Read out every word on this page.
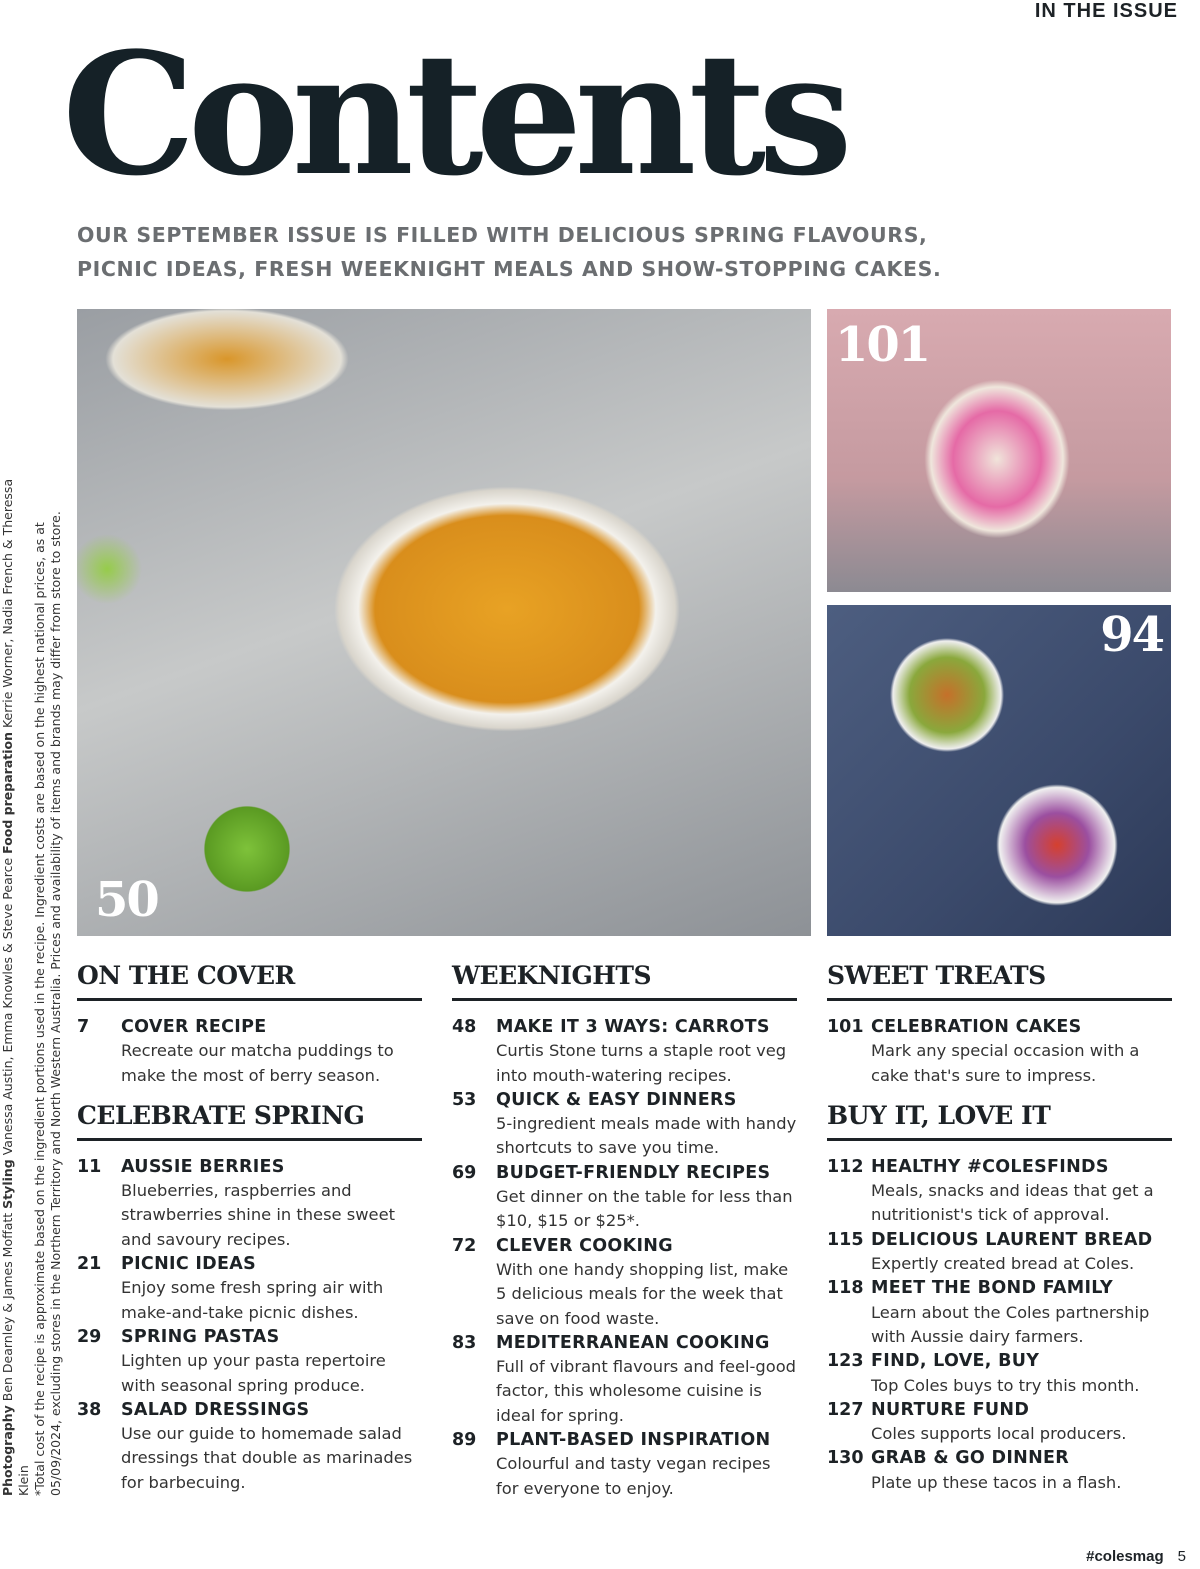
IN THE ISSUE
Contents

OUR SEPTEMBER ISSUE IS FILLED WITH DELICIOUS SPRING FLAVOURS, PICNIC IDEAS, FRESH WEEKNIGHT MEALS AND SHOW-STOPPING CAKES.

Photography Ben Dearnley & James Moffatt Styling Vanessa Austin, Emma Knowles & Steve Pearce Food preparation Kerrie Worner, Nadia French & Theressa Klein *Total cost of the recipe is approximate based on the ingredient portions used in the recipe. Ingredient costs are based on the highest national prices, as at 05/09/2024, excluding stores in the Northern Territory and North Western Australia. Prices and availability of items and brands may differ from store to store. 50
101
94
ON THE COVER
7	COVER RECIPE
Recreate our matcha puddings to make the most of berry season.
CELEBRATE SPRING
11	AUSSIE BERRIES
Blueberries, raspberries and strawberries shine in these sweet and savoury recipes.
21	PICNIC IDEAS
Enjoy some fresh spring air with make-and-take picnic dishes.
29	SPRING PASTAS
Lighten up your pasta repertoire with seasonal spring produce.
38	SALAD DRESSINGS
Use our guide to homemade salad dressings that double as marinades for barbecuing.
WEEKNIGHTS
48	MAKE IT 3 WAYS: CARROTS
Curtis Stone turns a staple root veg into mouth-watering recipes.
53	QUICK & EASY DINNERS
5-ingredient meals made with handy shortcuts to save you time.
69	BUDGET-FRIENDLY RECIPES
Get dinner on the table for less than $10, $15 or $25*.
72	CLEVER COOKING
With one handy shopping list, make 5 delicious meals for the week that save on food waste.
83	MEDITERRANEAN COOKING
Full of vibrant flavours and feel-good factor, this wholesome cuisine is ideal for spring.
89	PLANT-BASED INSPIRATION
Colourful and tasty vegan recipes for everyone to enjoy.
SWEET TREATS
101 CELEBRATION CAKES
Mark any special occasion with a cake that's sure to impress.
BUY IT, LOVE IT
112 HEALTHY #COLESFINDS
Meals, snacks and ideas that get a nutritionist's tick of approval.
115 DELICIOUS LAURENT BREAD
Expertly created bread at Coles.
118 MEET THE BOND FAMILY
Learn about the Coles partnership with Aussie dairy farmers.
123 FIND, LOVE, BUY
Top Coles buys to try this month.
127 NURTURE FUND
Coles supports local producers.
130 GRAB & GO DINNER
Plate up these tacos in a flash.
#colesmag 5
